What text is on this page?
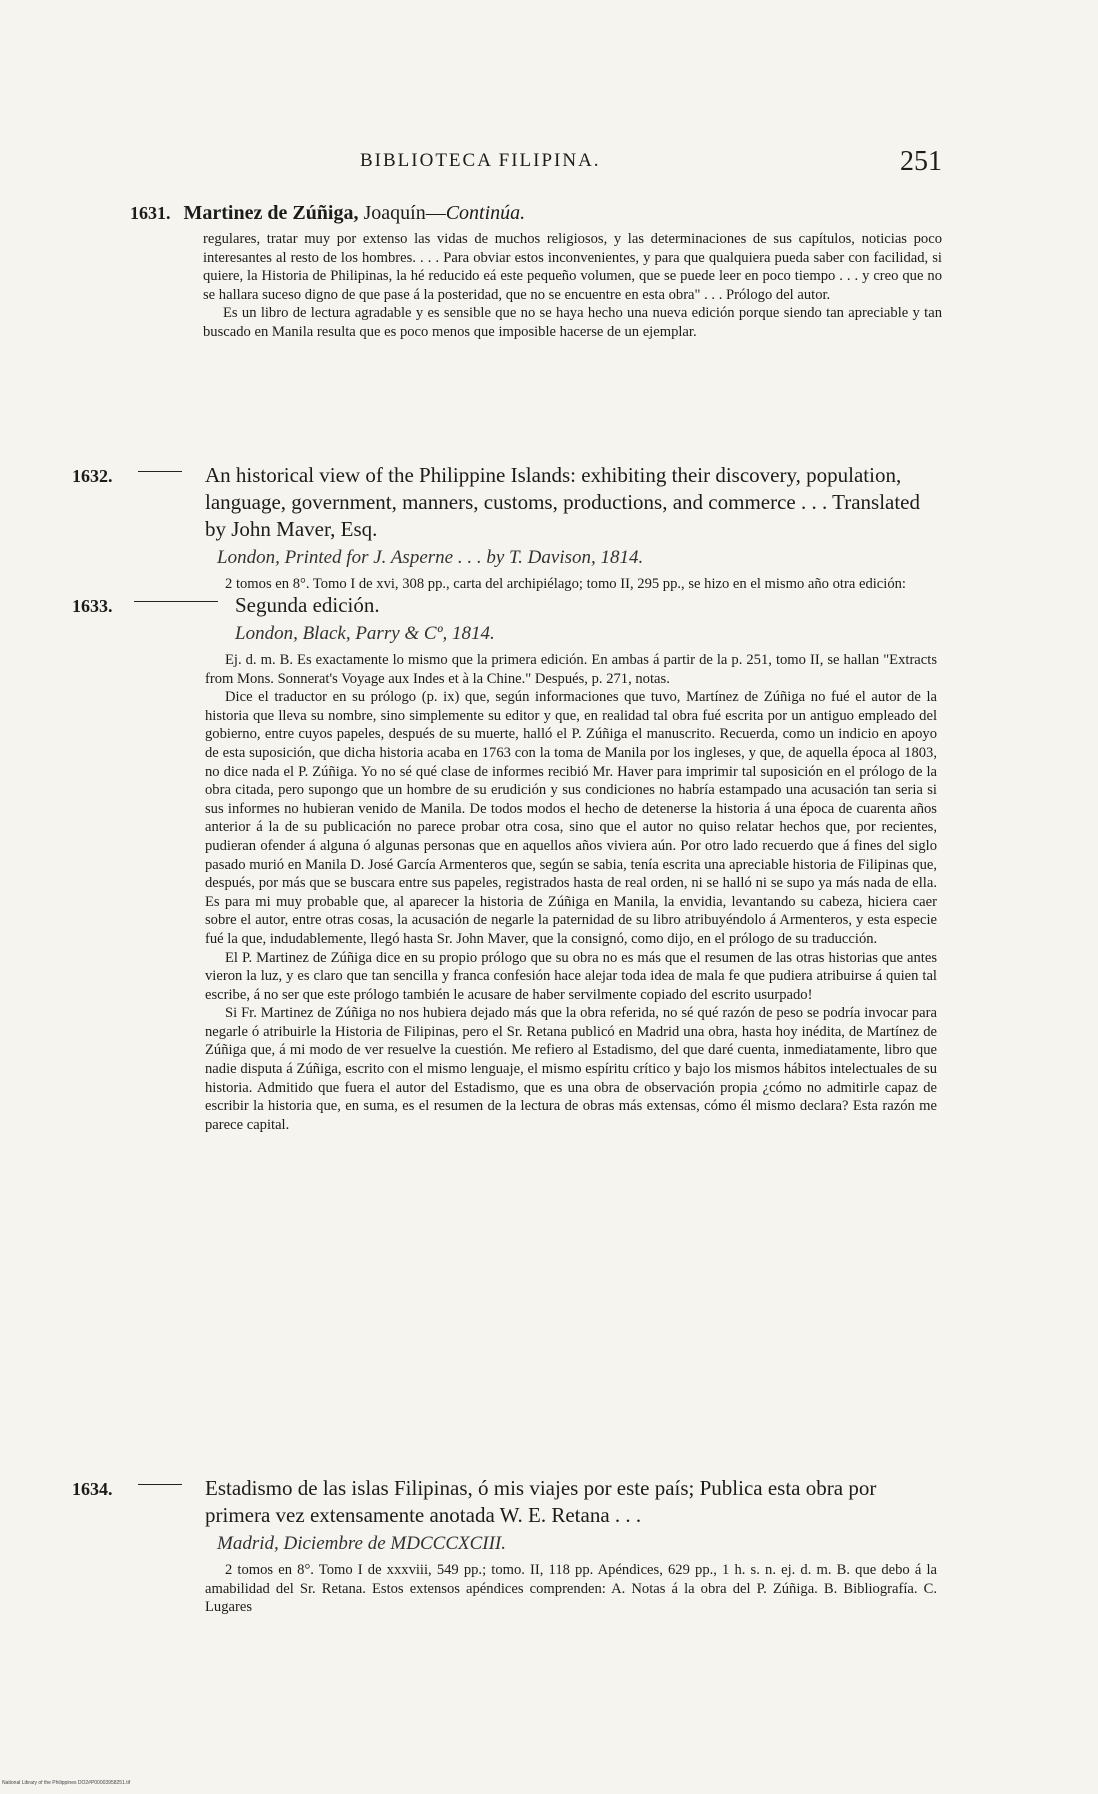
BIBLIOTECA FILIPINA.	251
1631. Martinez de Zúñiga, Joaquín—Continúa.

regulares, tratar muy por extenso las vidas de muchos religiosos, y las determinaciones de sus capítulos, noticias poco interesantes al resto de los hombres. . . . Para obviar estos inconvenientes, y para que qualquiera pueda saber con facilidad, si quiere, la Historia de Philipinas, la hé reducido eá este pequeño volumen, que se puede leer en poco tiempo . . . y creo que no se hallara suceso digno de que pase á la posteridad, que no se encuentre en esta obra" . . . Prólogo del autor.

Es un libro de lectura agradable y es sensible que no se haya hecho una nueva edición porque siendo tan apreciable y tan buscado en Manila resulta que es poco menos que imposible hacerse de un ejemplar.

1632.	An historical view of the Philippine Islands: exhibiting their discovery, population, language, government, manners, customs, productions, and commerce . . . Translated by John Maver, Esq.
London, Printed for J. Asperne . . . by T. Davison, 1814.

2 tomos en 8°. Tomo I de xvi, 308 pp., carta del archipiélago; tomo II, 295 pp., se hizo en el mismo año otra edición:

1633.	Segunda edición.
London, Black, Parry & Cº, 1814.

Ej. d. m. B. Es exactamente lo mismo que la primera edición. En ambas á partir de la p. 251, tomo II, se hallan "Extracts from Mons. Sonnerat's Voyage aux Indes et à la Chine." Después, p. 271, notas.

Dice el traductor en su prólogo (p. ix) que, según informaciones que tuvo, Martínez de Zúñiga no fué el autor de la historia que lleva su nombre, sino simplemente su editor y que, en realidad tal obra fué escrita por un antiguo empleado del gobierno, entre cuyos papeles, después de su muerte, halló el P. Zúñiga el manuscrito. Recuerda, como un indicio en apoyo de esta suposición, que dicha historia acaba en 1763 con la toma de Manila por los ingleses, y que, de aquella época al 1803, no dice nada el P. Zúñiga. Yo no sé qué clase de informes recibió Mr. Haver para imprimir tal suposición en el prólogo de la obra citada, pero supongo que un hombre de su erudición y sus condiciones no habría estampado una acusación tan seria si sus informes no hubieran venido de Manila. De todos modos el hecho de detenerse la historia á una época de cuarenta años anterior á la de su publicación no parece probar otra cosa, sino que el autor no quiso relatar hechos que, por recientes, pudieran ofender á alguna ó algunas personas que en aquellos años viviera aún. Por otro lado recuerdo que á fines del siglo pasado murió en Manila D. José García Armenteros que, según se sabia, tenía escrita una apreciable historia de Filipinas que, después, por más que se buscara entre sus papeles, registrados hasta de real orden, ni se halló ni se supo ya más nada de ella. Es para mi muy probable que, al aparecer la historia de Zúñiga en Manila, la envidia, levantando su cabeza, hiciera caer sobre el autor, entre otras cosas, la acusación de negarle la paternidad de su libro atribuyéndolo á Armenteros, y esta especie fué la que, indudablemente, llegó hasta Sr. John Maver, que la consignó, como dijo, en el prólogo de su traducción.

El P. Martinez de Zúñiga dice en su propio prólogo que su obra no es más que el resumen de las otras historias que antes vieron la luz, y es claro que tan sencilla y franca confesión hace alejar toda idea de mala fe que pudiera atribuirse á quien tal escribe, á no ser que este prólogo también le acusare de haber servilmente copiado del escrito usurpado!

Si Fr. Martinez de Zúñiga no nos hubiera dejado más que la obra referida, no sé qué razón de peso se podría invocar para negarle ó atribuirle la Historia de Filipinas, pero el Sr. Retana publicó en Madrid una obra, hasta hoy inédita, de Martínez de Zúñiga que, á mi modo de ver resuelve la cuestión. Me refiero al Estadismo, del que daré cuenta, inmediatamente, libro que nadie disputa á Zúñiga, escrito con el mismo lenguaje, el mismo espíritu crítico y bajo los mismos hábitos intelectuales de su historia. Admitido que fuera el autor del Estadismo, que es una obra de observación propia ¿cómo no admitirle capaz de escribir la historia que, en suma, es el resumen de la lectura de obras más extensas, cómo él mismo declara? Esta razón me parece capital.

1634.	Estadismo de las islas Filipinas, ó mis viajes por este país; Publica esta obra por primera vez extensamente anotada W. E. Retana . . .
Madrid, Diciembre de MDCCCXCIII.

2 tomos en 8°. Tomo I de xxxviii, 549 pp.; tomo. II, 118 pp. Apéndices, 629 pp., 1 h. s. n. ej. d. m. B. que debo á la amabilidad del Sr. Retana. Estos extensos apéndices comprenden: A. Notas á la obra del P. Zúñiga. B. Bibliografía. C. Lugares

National Library of the Philippines DO2#P00003958251.tif
